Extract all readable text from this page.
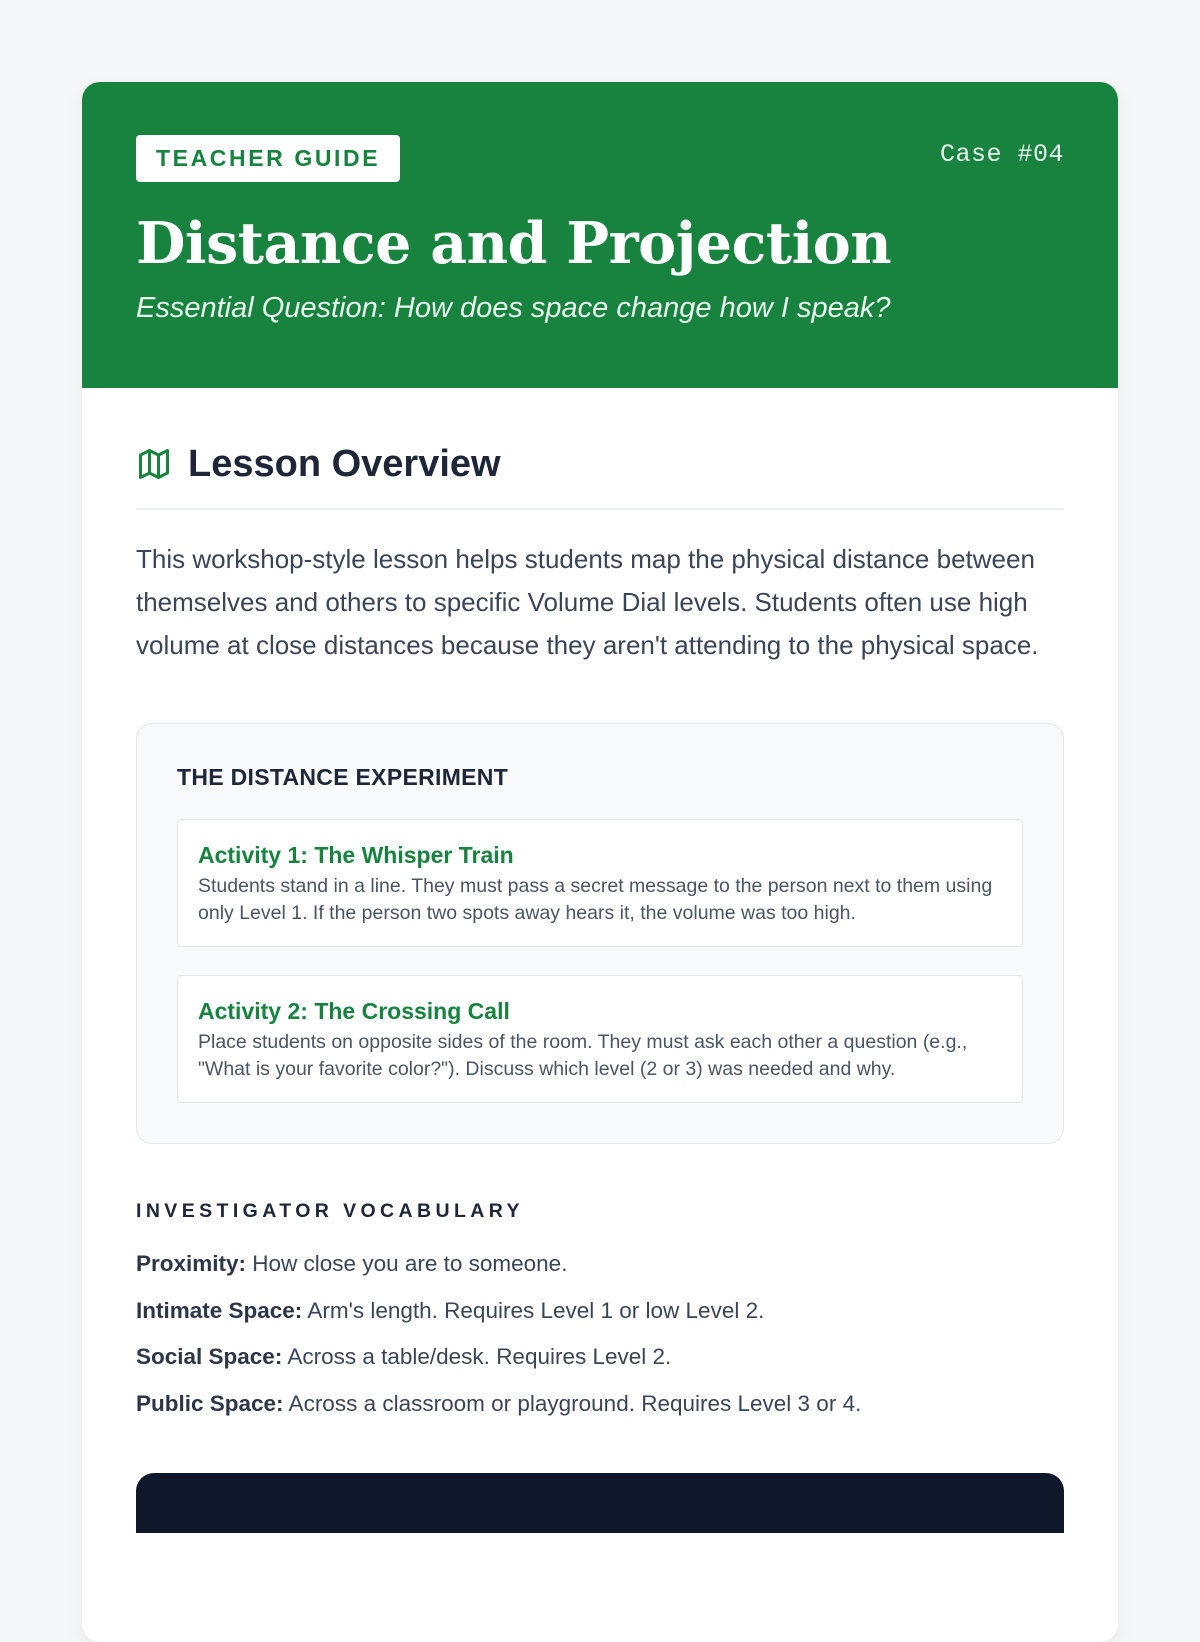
TEACHER GUIDE	Case #04
Distance and Projection

Essential Question: How does space change how I speak?

Lesson Overview

This workshop-style lesson helps students map the physical distance between themselves and others to specific Volume Dial levels. Students often use high volume at close distances because they aren't attending to the physical space.

THE DISTANCE EXPERIMENT

Activity 1: The Whisper Train

Students stand in a line. They must pass a secret message to the person next to them using only Level 1. If the person two spots away hears it, the volume was too high.

Activity 2: The Crossing Call

Place students on opposite sides of the room. They must ask each other a question (e.g., "What is your favorite color?"). Discuss which level (2 or 3) was needed and why.

INVESTIGATOR VOCABULARY

Proximity: How close you are to someone.

Intimate Space: Arm's length. Requires Level 1 or low Level 2.

Social Space: Across a table/desk. Requires Level 2.

Public Space: Across a classroom or playground. Requires Level 3 or 4.
